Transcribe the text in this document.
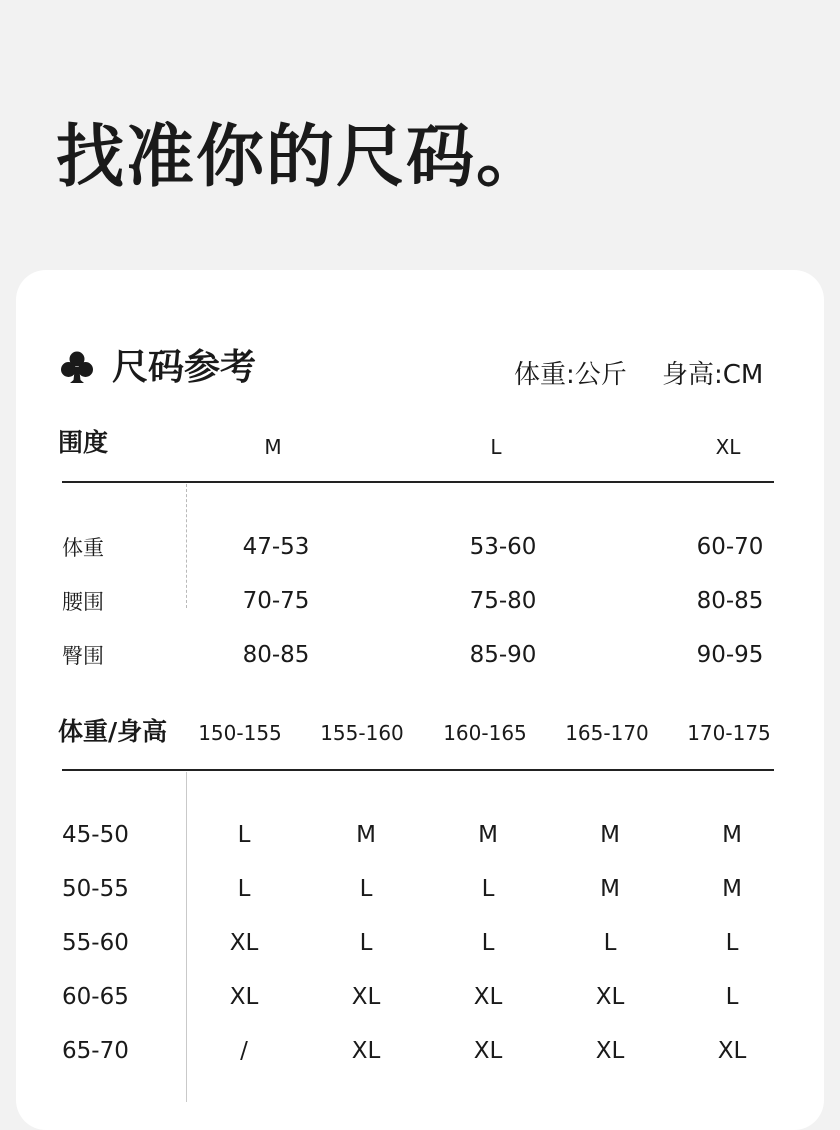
找准你的尺码。
尺码参考	体重:公斤 身高:CM
围度	M	L	XL
体重	47-53	53-60	60-70
腰围	70-75	75-80	80-85
臀围	80-85	85-90	90-95
体重/身高	150-155	155-160	160-165	165-170	170-175
45-50	L	M	M	M	M
50-55	L	L	L	M	M
55-60	XL	L	L	L	L
60-65	XL	XL	XL	XL	L
65-70	/	XL	XL	XL	XL
